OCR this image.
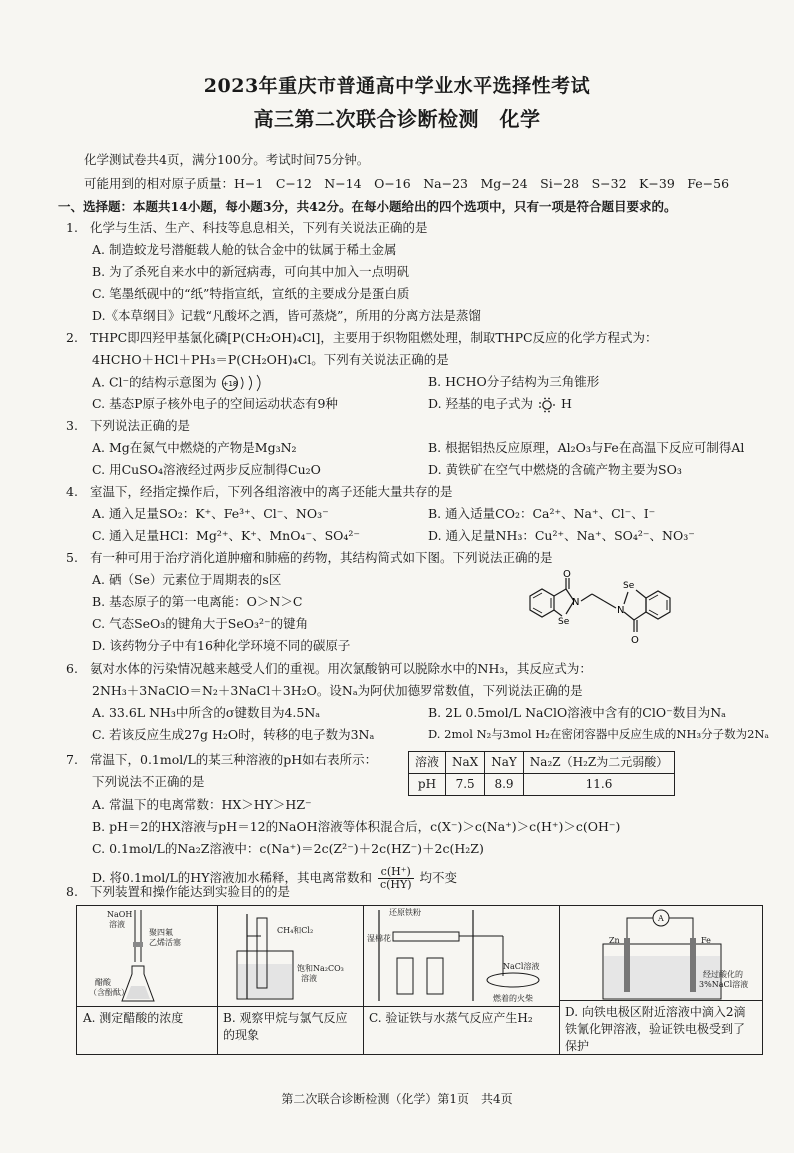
2023年重庆市普通高中学业水平选择性考试
高三第二次联合诊断检测　化学
化学测试卷共4页，满分100分。考试时间75分钟。
可能用到的相对原子质量：H−1　C−12　N−14　O−16　Na−23　Mg−24　Si−28　S−32　K−39　Fe−56
一、选择题：本题共14小题，每小题3分，共42分。在每小题给出的四个选项中，只有一项是符合题目要求的。
1. 化学与生活、生产、科技等息息相关，下列有关说法正确的是
A. 制造蛟龙号潜艇载人舱的钛合金中的钛属于稀土金属
B. 为了杀死自来水中的新冠病毒，可向其中加入一点明矾
C. 笔墨纸砚中的“纸”特指宣纸，宣纸的主要成分是蛋白质
D.《本草纲目》记载“凡酸坏之酒，皆可蒸烧”，所用的分离方法是蒸馏
2. THPC即四羟甲基氯化磷[P(CH₂OH)₄Cl]，主要用于织物阻燃处理，制取THPC反应的化学方程式为：
4HCHO＋HCl＋PH₃＝P(CH₂OH)₄Cl。下列有关说法正确的是
A. Cl⁻的结构示意图为 +18	B. HCHO分子结构为三角锥形
C. 基态P原子核外电子的空间运动状态有9种	D. 羟基的电子式为 H
3. 下列说法正确的是
A. Mg在氮气中燃烧的产物是Mg₃N₂	B. 根据铝热反应原理，Al₂O₃与Fe在高温下反应可制得Al
C. 用CuSO₄溶液经过两步反应制得Cu₂O	D. 黄铁矿在空气中燃烧的含硫产物主要为SO₃
4. 室温下，经指定操作后，下列各组溶液中的离子还能大量共存的是
A. 通入足量SO₂：K⁺、Fe³⁺、Cl⁻、NO₃⁻	B. 通入适量CO₂：Ca²⁺、Na⁺、Cl⁻、I⁻
C. 通入足量HCl：Mg²⁺、K⁺、MnO₄⁻、SO₄²⁻	D. 通入足量NH₃：Cu²⁺、Na⁺、SO₄²⁻、NO₃⁻
5. 有一种可用于治疗消化道肿瘤和肺癌的药物，其结构简式如下图。下列说法正确的是
A. 硒（Se）元素位于周期表的s区
B. 基态原子的第一电离能：O＞N＞C
C. 气态SeO₃的键角大于SeO₃²⁻的键角
D. 该药物分子中有16种化学环境不同的碳原子
O
N
Se
N
Se
O
6. 氨对水体的污染情况越来越受人们的重视。用次氯酸钠可以脱除水中的NH₃，其反应式为：
2NH₃＋3NaClO＝N₂＋3NaCl＋3H₂O。设Nₐ为阿伏加德罗常数值，下列说法正确的是
A. 33.6L NH₃中所含的σ键数目为4.5Nₐ	B. 2L 0.5mol/L NaClO溶液中含有的ClO⁻数目为Nₐ
C. 若该反应生成27g H₂O时，转移的电子数为3Nₐ	D. 2mol N₂与3mol H₂在密闭容器中反应生成的NH₃分子数为2Nₐ
7. 常温下，0.1mol/L的某三种溶液的pH如右表所示：
下列说法不正确的是
溶液	NaX	NaY	Na₂Z（H₂Z为二元弱酸）
pH	7.5	8.9	11.6
A. 常温下的电离常数：HX＞HY＞HZ⁻
B. pH＝2的HX溶液与pH＝12的NaOH溶液等体积混合后，c(X⁻)＞c(Na⁺)＞c(H⁺)＞c(OH⁻)
C. 0.1mol/L的Na₂Z溶液中：c(Na⁺)＝2c(Z²⁻)＋2c(HZ⁻)＋2c(H₂Z)
D. 将0.1mol/L的HY溶液加水稀释，其电离常数和 $\frac{c(H^+)}{c(HY)}$ 均不变
8. 下列装置和操作能达到实验目的的是
NaOH
溶液
聚四氟
乙烯活塞
醋酸
（含酚酞）
A. 测定醋酸的浓度
CH₄和Cl₂
饱和Na₂CO₃
溶液
B. 观察甲烷与氯气反应的现象
还原铁粉
湿棉花
NaCl溶液
燃着的火柴
C. 验证铁与水蒸气反应产生H₂
A
Zn	Fe
经过酸化的
3%NaCl溶液
D. 向铁电极区附近溶液中滴入2滴铁氰化钾溶液，验证铁电极受到了保护
第二次联合诊断检测（化学）第1页　共4页
